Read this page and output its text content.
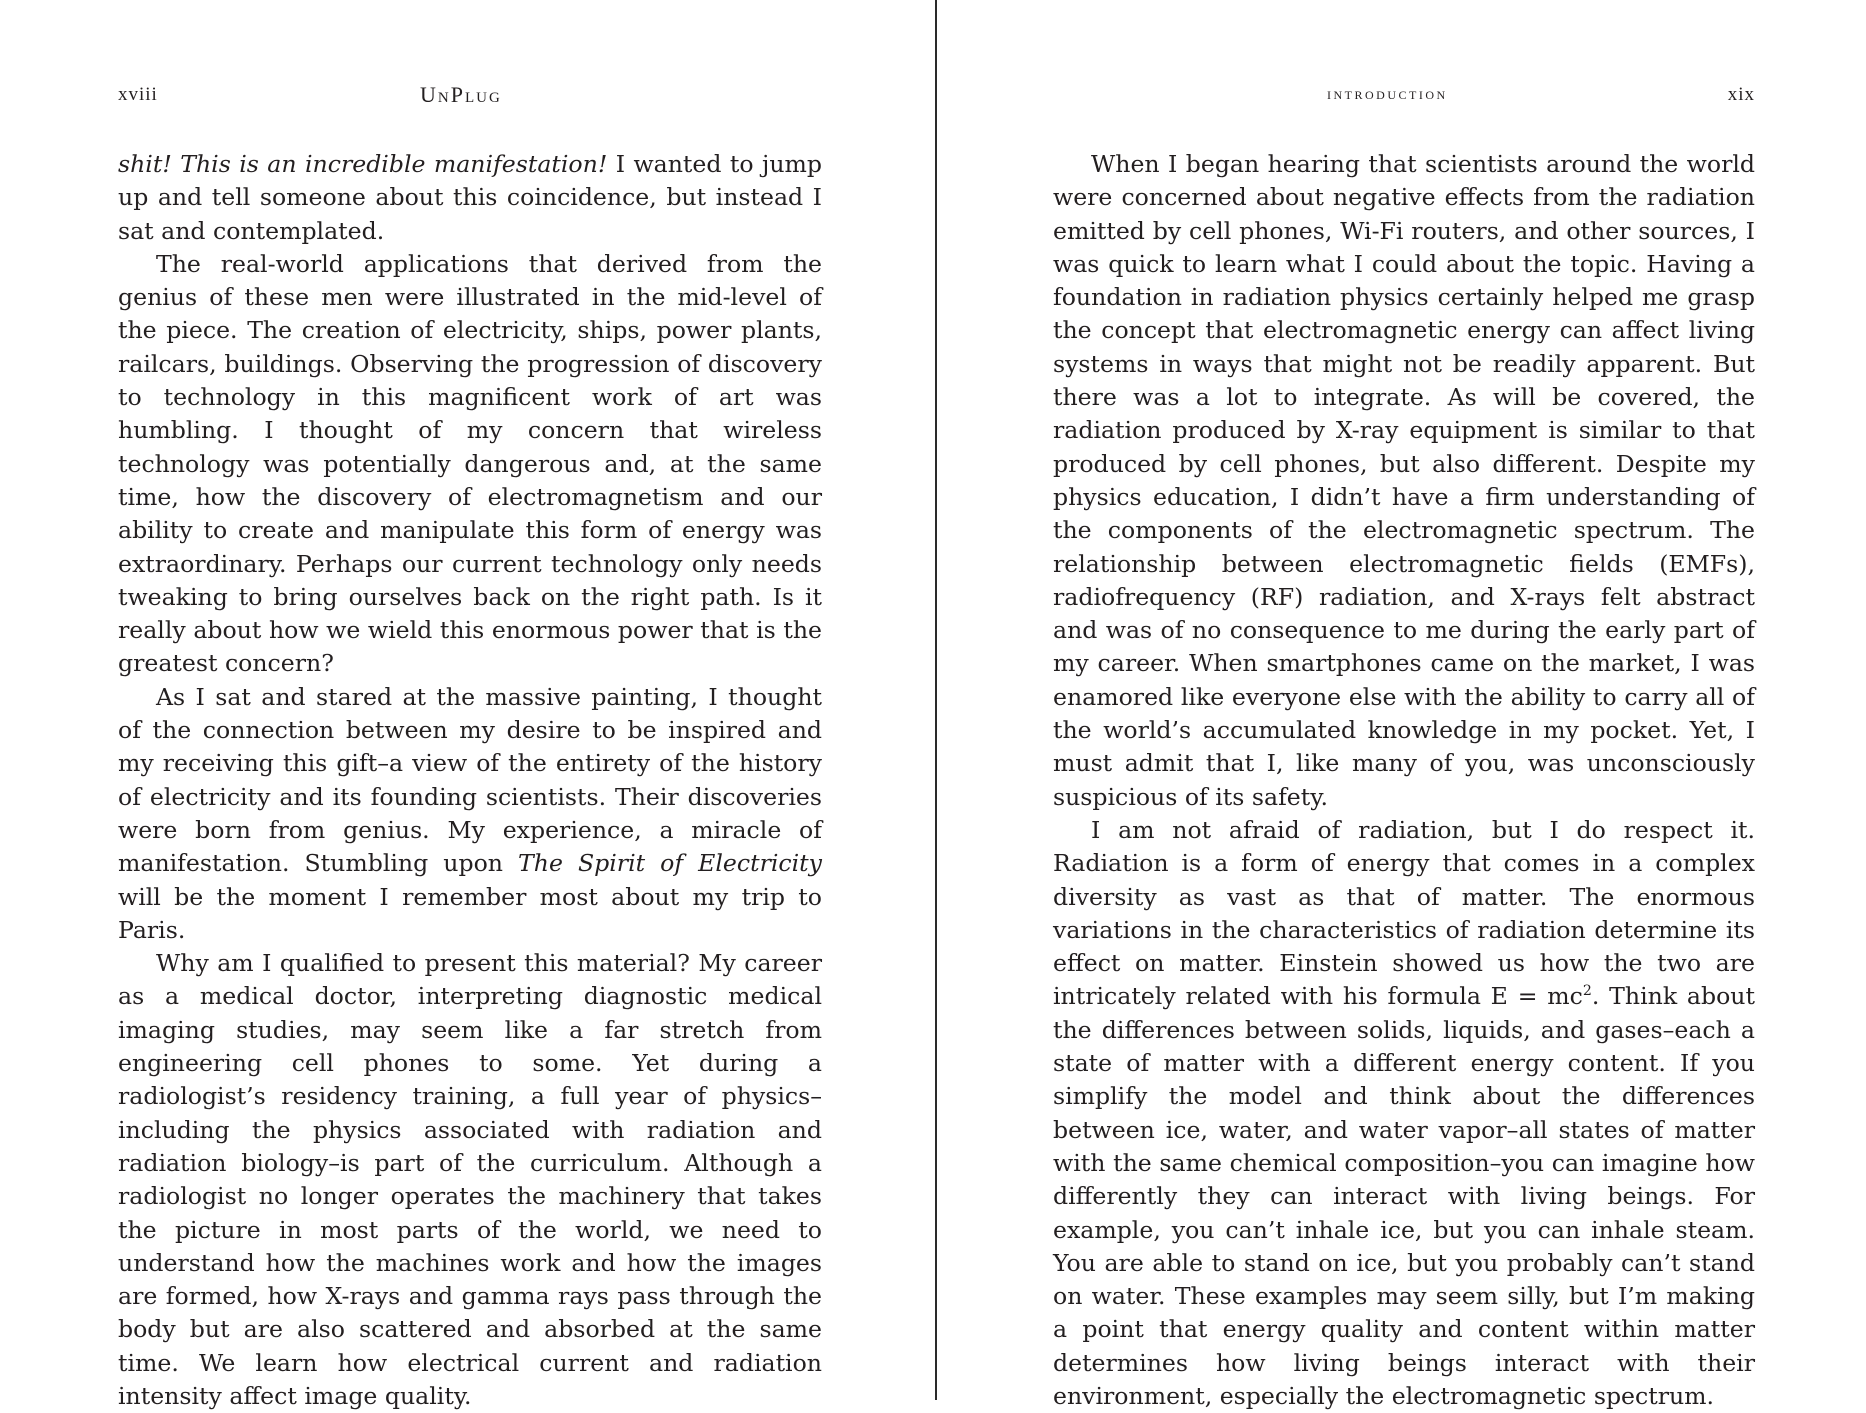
xviii	UnPlug

shit! This is an incredible manifestation! I wanted to jump up and tell someone about this coincidence, but instead I sat and contemplated.

The real-world applications that derived from the genius of these men were illustrated in the mid-level of the piece. The creation of electricity, ships, power plants, railcars, buildings. Observing the progression of discovery to technology in this magnificent work of art was humbling. I thought of my concern that wireless technology was potentially dangerous and, at the same time, how the discovery of electromagnetism and our ability to create and manipulate this form of energy was extraordinary. Perhaps our current technology only needs tweaking to bring ourselves back on the right path. Is it really about how we wield this enormous power that is the greatest concern?

As I sat and stared at the massive painting, I thought of the connection between my desire to be inspired and my receiving this gift–a view of the entirety of the history of electricity and its founding scientists. Their discoveries were born from genius. My experience, a miracle of manifestation. Stumbling upon The Spirit of Electricity will be the moment I remember most about my trip to Paris.

Why am I qualified to present this material? My career as a medical doctor, interpreting diagnostic medical imaging studies, may seem like a far stretch from engineering cell phones to some. Yet during a radiologist’s residency training, a full year of physics–including the physics associated with radiation and radiation biology–is part of the curriculum. Although a radiologist no longer operates the machinery that takes the picture in most parts of the world, we need to understand how the machines work and how the images are formed, how X-rays and gamma rays pass through the body but are also scattered and absorbed at the same time. We learn how electrical current and radiation intensity affect image quality.

introduction	xix

When I began hearing that scientists around the world were concerned about negative effects from the radiation emitted by cell phones, Wi-Fi routers, and other sources, I was quick to learn what I could about the topic. Having a foundation in radiation physics certainly helped me grasp the concept that electromagnetic energy can affect living systems in ways that might not be readily apparent. But there was a lot to integrate. As will be covered, the radiation produced by X-ray equipment is similar to that produced by cell phones, but also different. Despite my physics education, I didn’t have a firm understanding of the components of the electromagnetic spectrum. The relationship between electromagnetic fields (EMFs), radiofrequency (RF) radiation, and X-rays felt abstract and was of no consequence to me during the early part of my career. When smartphones came on the market, I was enamored like everyone else with the ability to carry all of the world’s accumulated knowledge in my pocket. Yet, I must admit that I, like many of you, was unconsciously suspicious of its safety.

I am not afraid of radiation, but I do respect it. Radiation is a form of energy that comes in a complex diversity as vast as that of matter. The enormous variations in the characteristics of radiation determine its effect on matter. Einstein showed us how the two are intricately related with his formula $E = mc^2$. Think about the differences between solids, liquids, and gases–each a state of matter with a different energy content. If you simplify the model and think about the differences between ice, water, and water vapor–all states of matter with the same chemical composition–you can imagine how differently they can interact with living beings. For example, you can’t inhale ice, but you can inhale steam. You are able to stand on ice, but you probably can’t stand on water. These examples may seem silly, but I’m making a point that energy quality and content within matter determines how living beings interact with their environment, especially the electromagnetic spectrum.
